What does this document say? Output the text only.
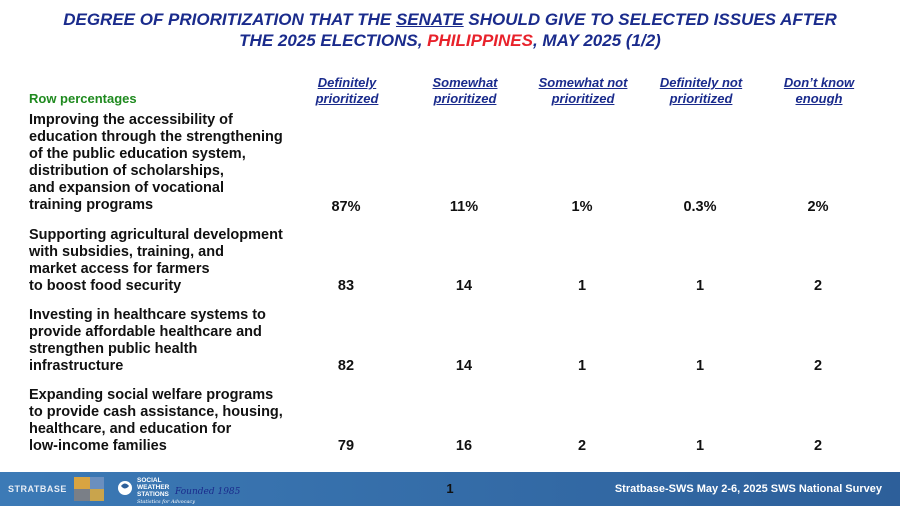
DEGREE OF PRIORITIZATION THAT THE SENATE SHOULD GIVE TO SELECTED ISSUES AFTER
THE 2025 ELECTIONS, PHILIPPINES, MAY 2025 (1/2)
Row percentages
Definitely
prioritized
Somewhat
prioritized
Somewhat not
prioritized
Definitely not
prioritized
Don’t know
enough
Improving the accessibility of
education through the strengthening
of the public education system,
distribution of scholarships,
and expansion of vocational
training programs	87%	11%	1%	0.3%	2%
Supporting agricultural development
with subsidies, training, and
market access for farmers
to boost food security	83	14	1	1	2
Investing in healthcare systems to
provide affordable healthcare and
strengthen public health
infrastructure	82	14	1	1	2
Expanding social welfare programs
to provide cash assistance, housing,
healthcare, and education for
low-income families	79	16	2	1	2
STRATBASE
SOCIAL
WEATHER
STATIONS Founded 1985
Statistics for Advocacy
1	Stratbase-SWS May 2-6, 2025 SWS National Survey
